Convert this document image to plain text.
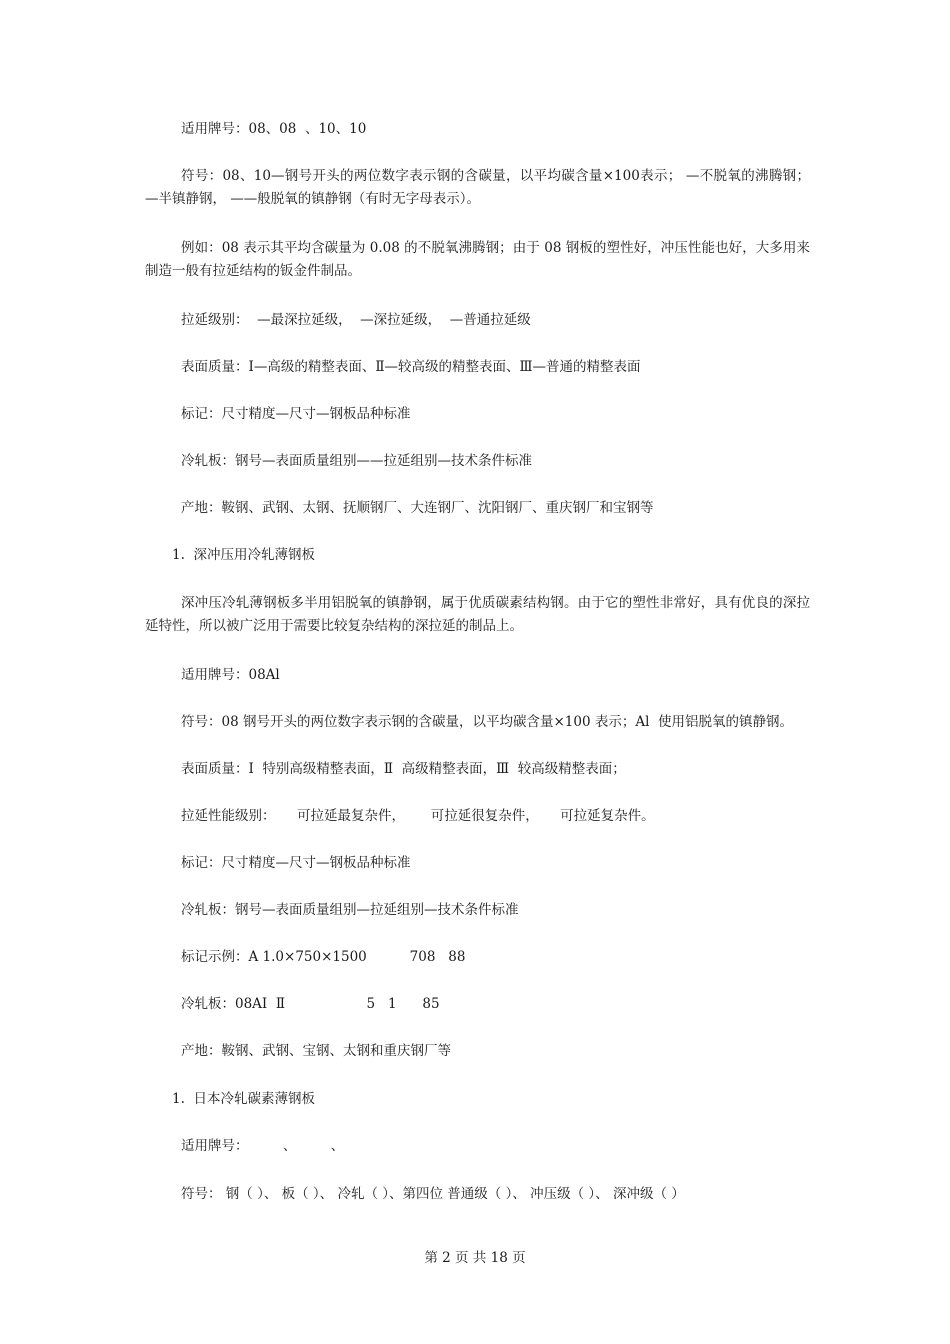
适用牌号：08、08  、10、10

符号：08、10—钢号开头的两位数字表示钢的含碳量，以平均碳含量×100表示； —不脱氧的沸腾钢； —半镇静钢， ——般脱氧的镇静钢（有时无字母表示）。

例如：08 表示其平均含碳量为 0.08 的不脱氧沸腾钢；由于 08 钢板的塑性好，冲压性能也好，大多用来制造一般有拉延结构的钣金件制品。

拉延级别：  —最深拉延级，  —深拉延级，  —普通拉延级

表面质量：Ⅰ—高级的精整表面、Ⅱ—较高级的精整表面、Ⅲ—普通的精整表面

标记：尺寸精度—尺寸—钢板品种标准

冷轧板：钢号—表面质量组别——拉延组别—技术条件标准

产地：鞍钢、武钢、太钢、抚顺钢厂、大连钢厂、沈阳钢厂、重庆钢厂和宝钢等

1.  深冲压用冷轧薄钢板

深冲压冷轧薄钢板多半用铝脱氧的镇静钢，属于优质碳素结构钢。由于它的塑性非常好，具有优良的深拉延特性，所以被广泛用于需要比较复杂结构的深拉延的制品上。

适用牌号：08Al

符号：08 钢号开头的两位数字表示钢的含碳量，以平均碳含量×100 表示；Al  使用铝脱氧的镇静钢。

表面质量：Ⅰ  特别高级精整表面，Ⅱ  高级精整表面，Ⅲ  较高级精整表面；

拉延性能级别：     可拉延最复杂件，      可拉延很复杂件，     可拉延复杂件。

标记：尺寸精度—尺寸—钢板品种标准

冷轧板：钢号—表面质量组别—拉延组别—技术条件标准

标记示例：A 1.0×750×1500          708   88

冷轧板：08AⅠ  Ⅱ                   5   1      85

产地：鞍钢、武钢、宝钢、太钢和重庆钢厂等

1.  日本冷轧碳素薄钢板

适用牌号：        、        、

符号： 钢（ ）、 板（ ）、 冷轧（ ）、第四位 普通级（ ）、 冲压级（ ）、 深冲级（ ）

第 2 页 共 18 页
